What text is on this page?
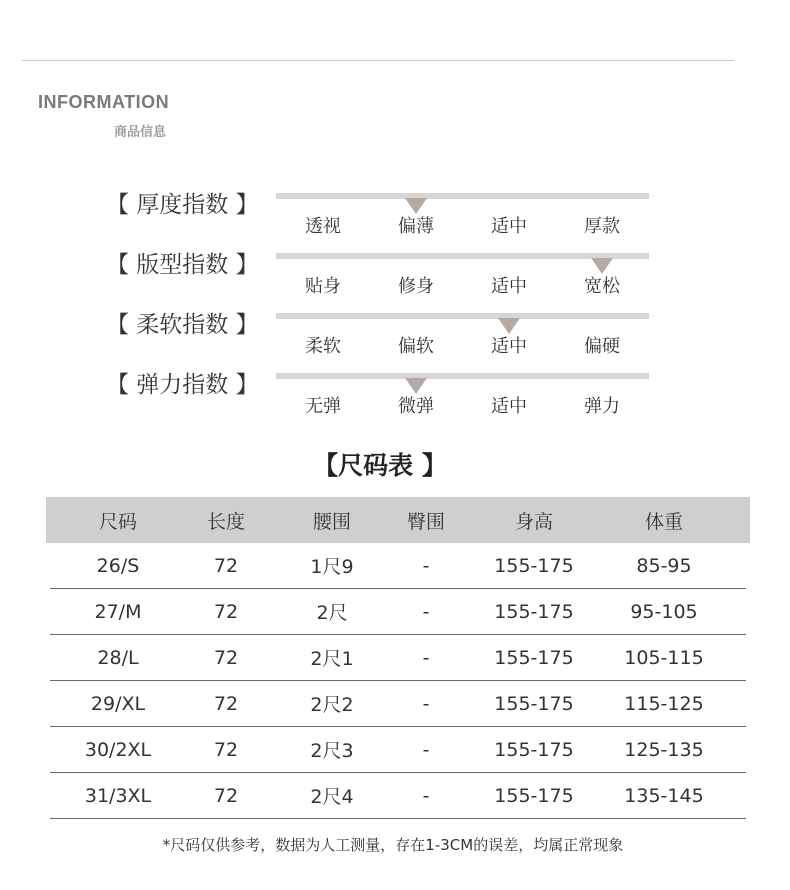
INFORMATION
商品信息
【 厚度指数 】
透视	偏薄	适中	厚款
【 版型指数 】
贴身	修身	适中	宽松
【 柔软指数 】
柔软	偏软	适中	偏硬
【 弹力指数 】
无弹	微弹	适中	弹力
【尺码表 】
尺码	长度	腰围	臀围	身高	体重
26/S	72	1尺9	-	155-175	85-95
27/M	72	2尺	-	155-175	95-105
28/L	72	2尺1	-	155-175	105-115
29/XL	72	2尺2	-	155-175	115-125
30/2XL	72	2尺3	-	155-175	125-135
31/3XL	72	2尺4	-	155-175	135-145
*尺码仅供参考，数据为人工测量，存在1-3CM的误差，均属正常现象
